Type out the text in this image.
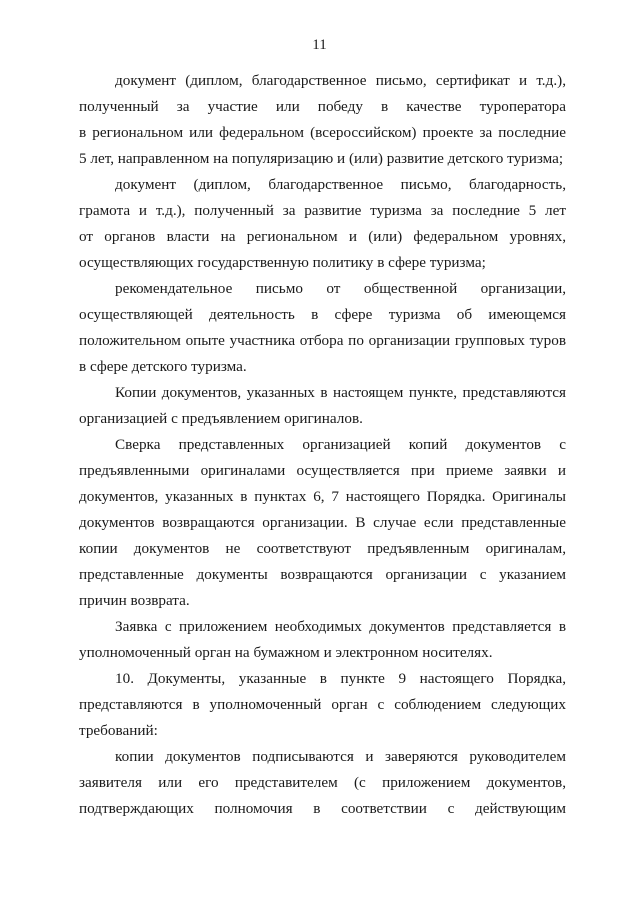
11
документ (диплом, благодарственное письмо, сертификат и т.д.),
полученный за участие или победу в качестве туроператора
в региональном или федеральном (всероссийском) проекте за последние
5 лет, направленном на популяризацию и (или) развитие детского туризма;
документ (диплом, благодарственное письмо, благодарность,
грамота и т.д.), полученный за развитие туризма за последние 5 лет
от органов власти на региональном и (или) федеральном уровнях,
осуществляющих государственную политику в сфере туризма;
рекомендательное письмо от общественной организации,
осуществляющей деятельность в сфере туризма об имеющемся
положительном опыте участника отбора по организации групповых туров
в сфере детского туризма.
Копии документов, указанных в настоящем пункте, представляются
организацией с предъявлением оригиналов.
Сверка представленных организацией копий документов с
предъявленными оригиналами осуществляется при приеме заявки и
документов, указанных в пунктах 6, 7 настоящего Порядка. Оригиналы
документов возвращаются организации. В случае если представленные
копии документов не соответствуют предъявленным оригиналам,
представленные документы возвращаются организации с указанием
причин возврата.
Заявка с приложением необходимых документов представляется в
уполномоченный орган на бумажном и электронном носителях.
10. Документы, указанные в пункте 9 настоящего Порядка,
представляются в уполномоченный орган с соблюдением следующих
требований:
копии документов подписываются и заверяются руководителем
заявителя или его представителем (с приложением документов,
подтверждающих полномочия в соответствии с действующим
